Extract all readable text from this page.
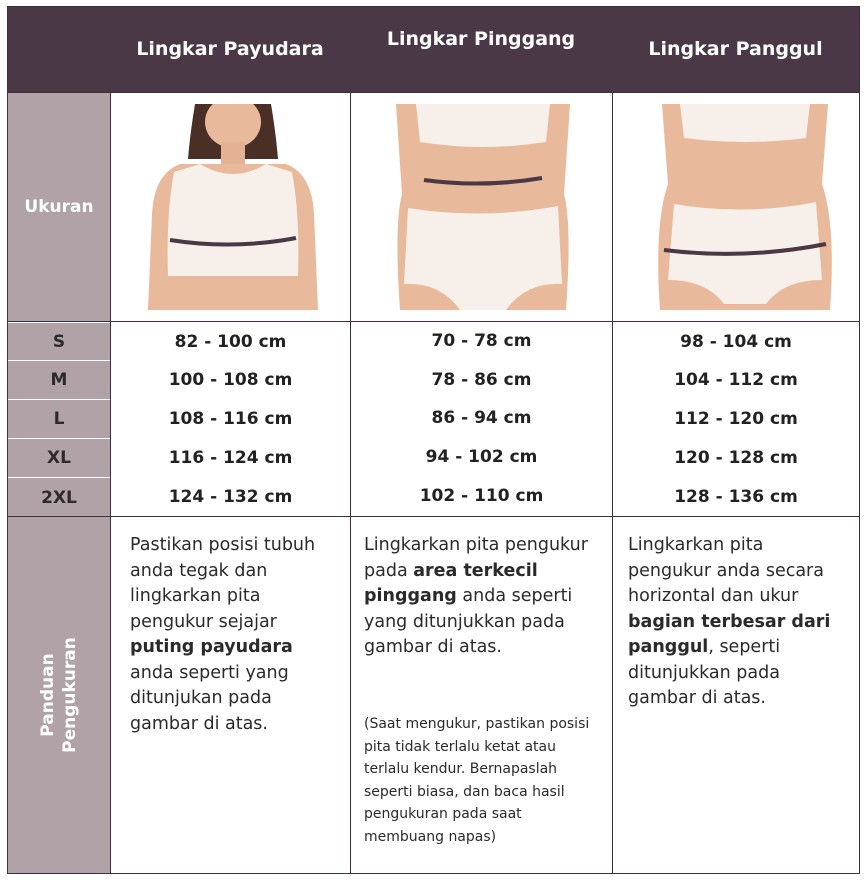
Lingkar Payudara	Lingkar Pinggang	Lingkar Panggul
Ukuran
S
M
L
XL
2XL
Panduan Pengukuran
82 - 100 cm
100 - 108 cm
108 - 116 cm
116 - 124 cm
124 - 132 cm
70 - 78 cm
78 - 86 cm
86 - 94 cm
94 - 102 cm
102 - 110 cm
98 - 104 cm
104 - 112 cm
112 - 120 cm
120 - 128 cm
128 - 136 cm
Pastikan posisi tubuh anda tegak dan lingkarkan pita pengukur sejajar puting payudara anda seperti yang ditunjukan pada gambar di atas.
Lingkarkan pita pengukur pada area terkecil pinggang anda seperti yang ditunjukkan pada gambar di atas.
(Saat mengukur, pastikan posisi pita tidak terlalu ketat atau terlalu kendur. Bernapaslah seperti biasa, dan baca hasil pengukuran pada saat membuang napas)
Lingkarkan pita pengukur anda secara horizontal dan ukur bagian terbesar dari panggul, seperti ditunjukkan pada gambar di atas.
